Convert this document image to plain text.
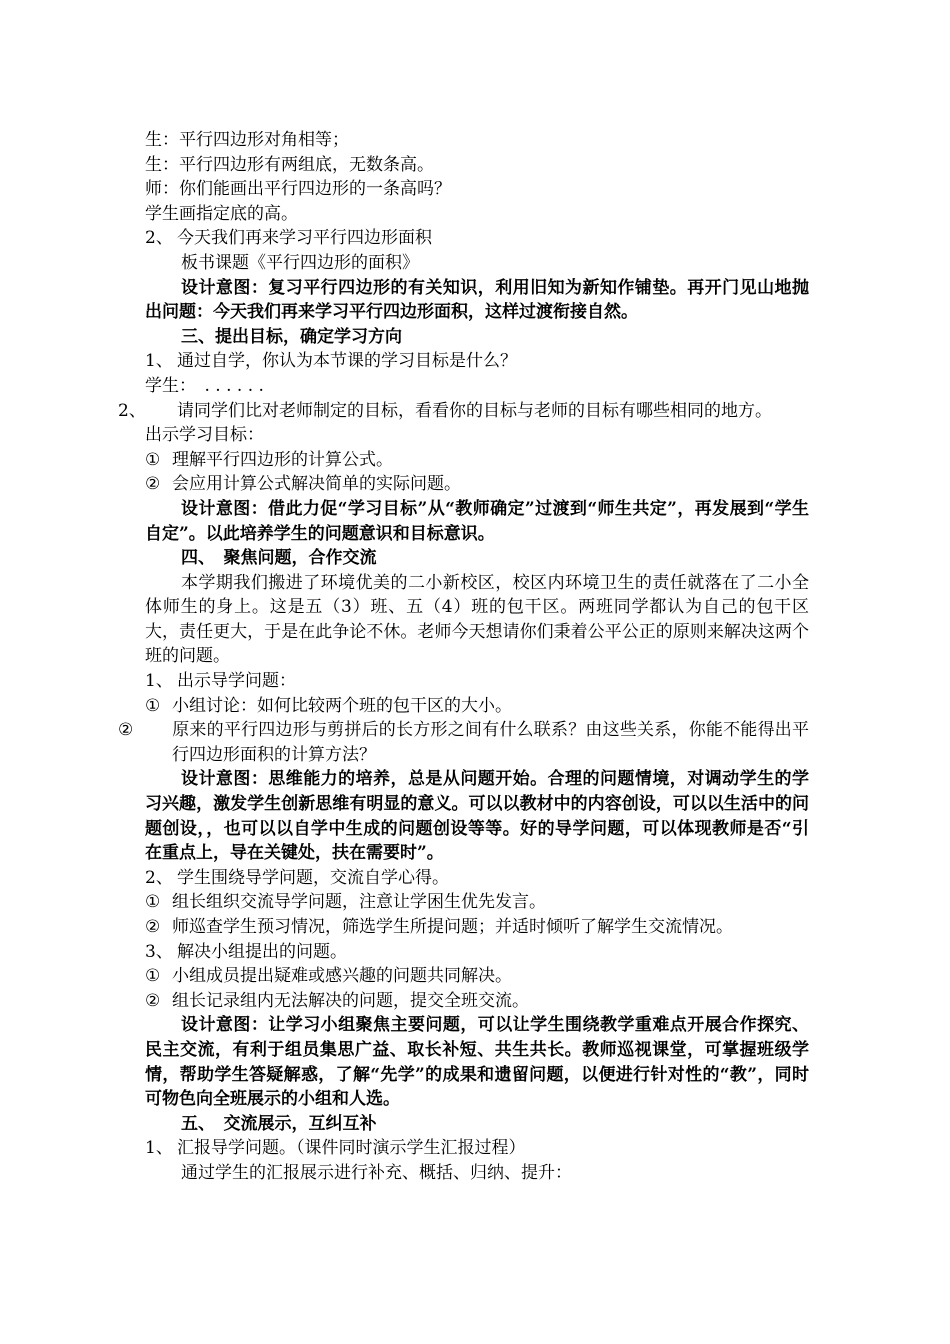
生：平行四边形对角相等；

生：平行四边形有两组底，无数条高。

师：你们能画出平行四边形的一条高吗？

学生画指定底的高。

2、 今天我们再来学习平行四边形面积

板书课题《平行四边形的面积》

设计意图：复习平行四边形的有关知识，利用旧知为新知作铺垫。再开门见山地抛出问题：今天我们再来学习平行四边形面积，这样过渡衔接自然。

三、提出目标，确定学习方向

1、 通过自学，你认为本节课的学习目标是什么？

学生：　. . . . . .

2、 请同学们比对老师制定的目标，看看你的目标与老师的目标有哪些相同的地方。

出示学习目标：

① 理解平行四边形的计算公式。

② 会应用计算公式解决简单的实际问题。

设计意图：借此力促“学习目标”从“教师确定”过渡到“师生共定”，再发展到“学生自定”。以此培养学生的问题意识和目标意识。

四、　聚焦问题，合作交流

本学期我们搬进了环境优美的二小新校区，校区内环境卫生的责任就落在了二小全体师生的身上。这是五（3）班、五（4）班的包干区。两班同学都认为自己的包干区大，责任更大，于是在此争论不休。老师今天想请你们秉着公平公正的原则来解决这两个班的问题。

1、 出示导学问题：

① 小组讨论：如何比较两个班的包干区的大小。

② 原来的平行四边形与剪拼后的长方形之间有什么联系？由这些关系，你能不能得出平行四边形面积的计算方法？

设计意图：思维能力的培养，总是从问题开始。合理的问题情境，对调动学生的学习兴趣，激发学生创新思维有明显的意义。可以以教材中的内容创设，可以以生活中的问题创设，，也可以以自学中生成的问题创设等等。好的导学问题，可以体现教师是否“引在重点上，导在关键处，扶在需要时”。

2、 学生围绕导学问题，交流自学心得。

① 组长组织交流导学问题，注意让学困生优先发言。

② 师巡查学生预习情况，筛选学生所提问题；并适时倾听了解学生交流情况。

3、 解决小组提出的问题。

① 小组成员提出疑难或感兴趣的问题共同解决。

② 组长记录组内无法解决的问题，提交全班交流。

设计意图：让学习小组聚焦主要问题，可以让学生围绕教学重难点开展合作探究、民主交流，有利于组员集思广益、取长补短、共生共长。教师巡视课堂，可掌握班级学情，帮助学生答疑解惑，了解“先学”的成果和遗留问题，以便进行针对性的“教”，同时可物色向全班展示的小组和人选。

五、　交流展示，互纠互补

1、 汇报导学问题。（课件同时演示学生汇报过程）

通过学生的汇报展示进行补充、概括、归纳、提升：
